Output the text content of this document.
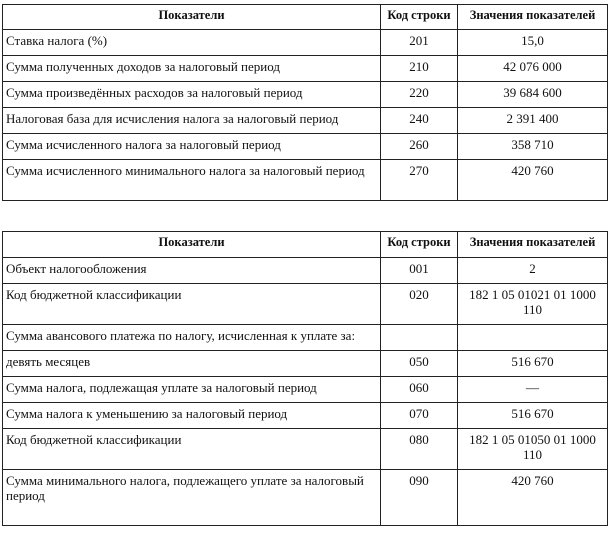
Показатели	Код строки	Значения показателей
Ставка налога (%)	201	15,0
Сумма полученных доходов за налоговый период	210	42 076 000
Сумма произведённых расходов за налоговый период	220	39 684 600
Налоговая база для исчисления налога за налоговый период	240	2 391 400
Сумма исчисленного налога за налоговый период	260	358 710
Сумма исчисленного минимального налога за налоговый период	270	420 760
Показатели	Код строки	Значения показателей
Объект налогообложения	001	2
Код бюджетной классификации	020	182 1 05 01021 01 1000 110
Сумма авансового платежа по налогу, исчисленная к уплате за:		
девять месяцев	050	516 670
Сумма налога, подлежащая уплате за налоговый период	060	—
Сумма налога к уменьшению за налоговый период	070	516 670
Код бюджетной классификации	080	182 1 05 01050 01 1000 110
Сумма минимального налога, подлежащего уплате за налоговый период	090	420 760
